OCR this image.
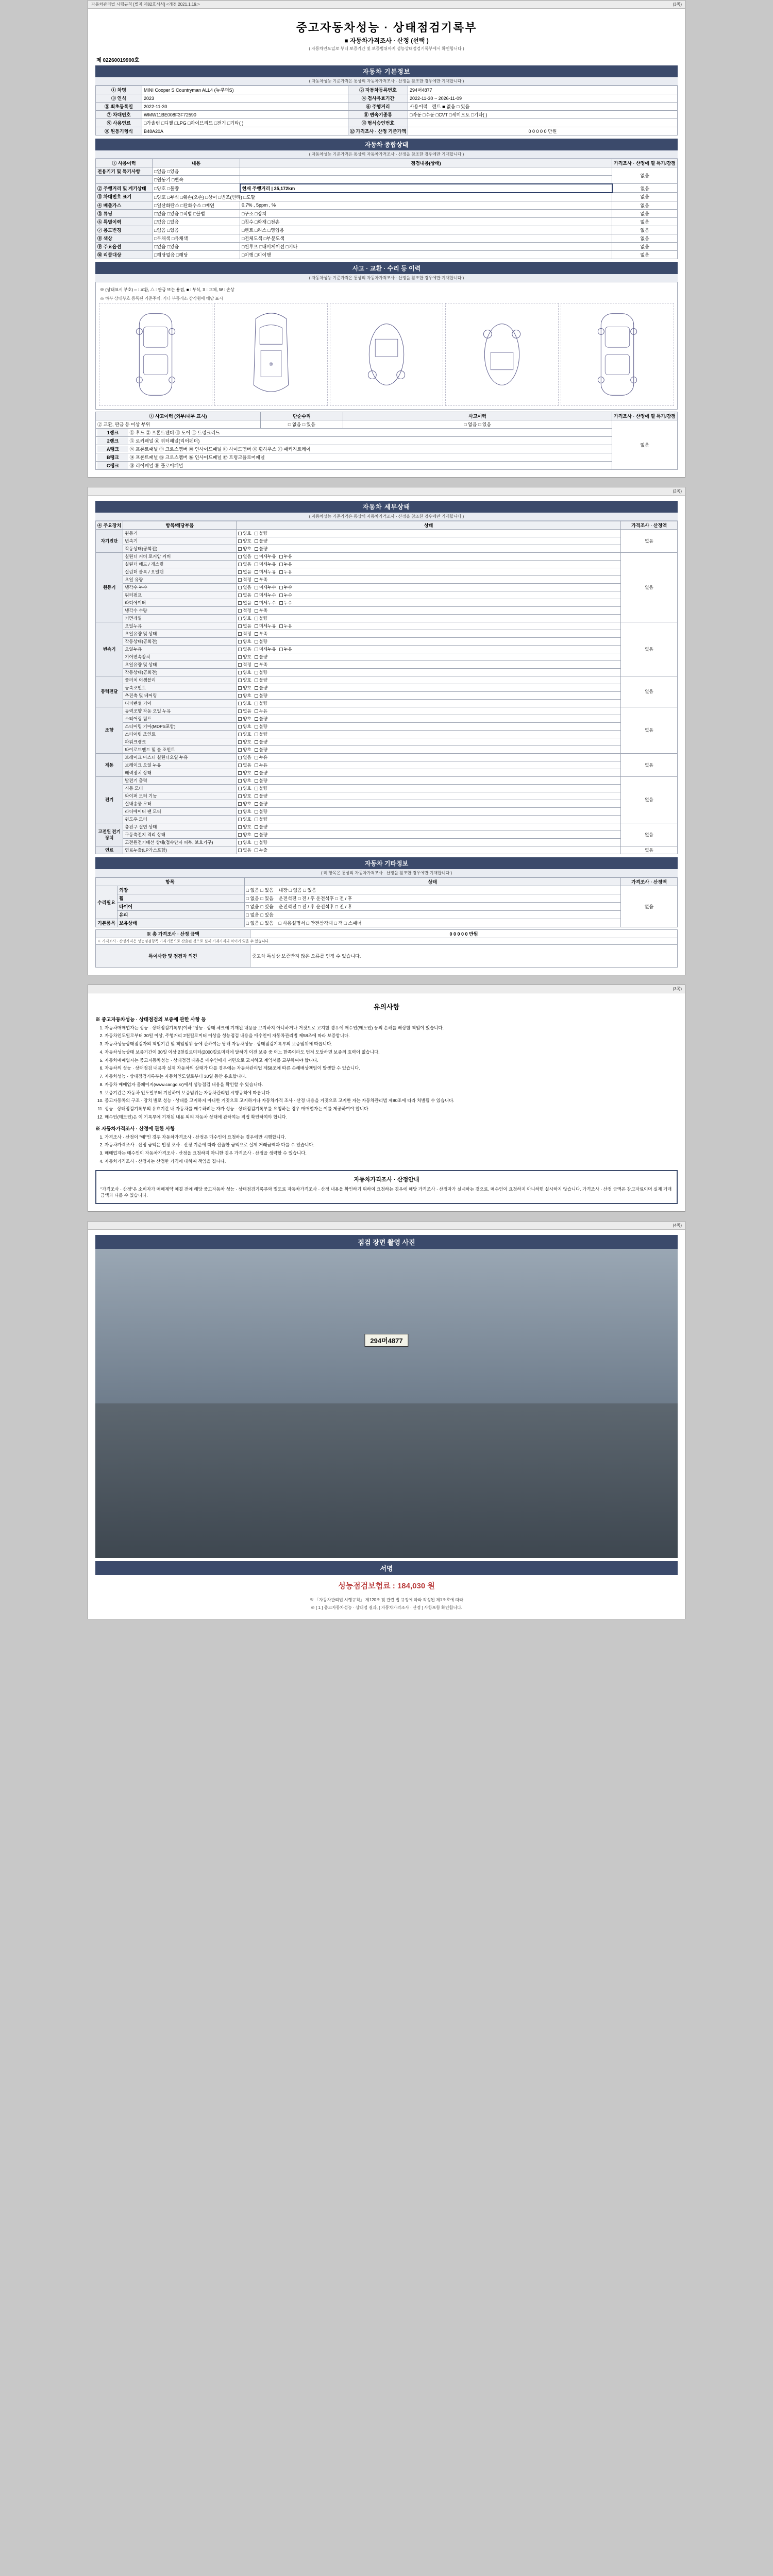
자동차관리법 시행규칙 [별지 제82호서식] <개정 2021.1.19.>	(3쪽)
중고자동차성능 · 상태점검기록부
■ 자동차가격조사 · 산정 (선택 )
( 자동차인도일로 부터 보증기간 및 보증범위까지 성능상태점검기록부에서 확인합니다 )
제 02260019900호
자동차 기본정보
( 자동차성능 기준가격은 통상의 자동차가격조사 · 산정을 참조한 경우에만 기재합니다 )
① 차명	MINI Cooper S Countryman ALL4 (뉴쿠퍼S)	② 자동차등록번호	294머4877
③ 연식	2023	④ 검사유효기간	2022-11-30 ~ 2026-11-09
⑤ 최초등록일	2022-11-30	⑥ 주행거리	사용이력 렌트 ■ 없음 □ 있음
⑦ 차대번호	WMW11BE008F3F72590	⑧ 변속기종류	□자동 □수동 □CVT □세미오토 □기타( )
⑨ 사용연료	□가솔린 □디젤 □LPG □하이브리드 □전기 □기타( )	⑩ 형식승인번호	
⑪ 원동기형식	B48A20A	⑫ 가격조사 · 산정 기준가액	0 0 0 0 0 만원
자동차 종합상태
( 자동차성능 기준가격은 통상의 자동차가격조사 · 산정을 참조한 경우에만 기재합니다 )
① 사용이력	내용	점검내용(상태)	가격조사 · 산정에 필 특가/감점
전용기기 및 특기사항	□없음 □있음		없음
	□원동기 □변속		
② 주행거리 및 계기상태	□양호 □불량	현재 주행거리 | 35,172km	없음
③ 차대번호 표기	□양호 □부식 □훼손(오손) □상이 □변조(변타) □도말		없음
④ 배출가스	□일산화탄소 □탄화수소 □매연	0.7% , 5ppm , %	없음
⑤ 튜닝	□없음 □있음 □적법 □불법	□구조 □장치	없음
⑥ 특별이력	□없음 □있음	□침수 □화재 □전손	없음
⑦ 용도변경	□없음 □있음	□렌트 □리스 □영업용	없음
⑧ 색상	□무채색 □유채색	□전체도색 □부분도색	없음
⑨ 주요옵션	□없음 □있음	□썬루프 □내비게이션 □기타	없음
⑩ 리콜대상	□해당없음 □해당	□이행 □미이행	없음
사고 · 교환 · 수리 등 이력
( 자동차성능 기준가격은 통상의 자동차가격조사 · 산정을 참조한 경우에만 기재합니다 )
※ (상태표시 부호) ○ : 교환, △ : 판금 또는 용접, ■ : 부식, X : 교체, W : 손상
※ 하부 상태부호 등록된 기준주의, 기타 부품개소 삼각형에 해당 표시
⑩
① 사고이력 (외부/내부 표시)	단순수리	사고이력	가격조사 · 산정에 필 특가/감점
② 교환, 판금 등 이상 부위	□ 없음 □ 있음	□ 없음 □ 있음	없음
1랭크 ① 후드 ② 프론트펜더 ③ 도어 ④ 트렁크리드			
2랭크 ⑤ 로커패널 ⑥ 쿼터패널(리어펜더)			
A랭크 ⑧ 프론트패널 ⑨ 크로스멤버 ⑩ 인사이드패널 ⑪ 사이드멤버 ⑫ 휠하우스 ⑬ 패키지트레이			
B랭크 ⑭ 프론트패널 ⑮ 크로스멤버 ⑯ 인사이드패널 ⑰ 트렁크플로어패널			
C랭크 ⑱ 리어패널 ⑲ 플로어패널			
(2쪽)
자동차 세부상태
( 자동차성능 기준가격은 통상의 자동차가격조사 · 산정을 참조한 경우에만 기재합니다 )
④ 주요장치	항목/해당부품	상태	가격조사 · 산정액
자기진단	원동기	양호 불량	없음
	변속기	양호 불량	
	작동상태(공회전)	양호 불량	
원동기	실린더 커버 로커암 커버	없음 미세누유 누유	없음
	실린더 헤드 / 개스킷	없음 미세누유 누유	
	실린더 블록 / 오일팬	없음 미세누유 누유	
	오일 유량	적정 부족	
	냉각수 누수	없음 미세누수 누수	
	워터펌프	없음 미세누수 누수	
	라디에이터	없음 미세누수 누수	
	냉각수 수량	적정 부족	
	커먼레일	양호 불량	
변속기	오일누유	없음 미세누유 누유	없음
	오일유량 및 상태	적정 부족	
	작동상태(공회전)	양호 불량	
	오일누유	없음 미세누유 누유	
	기어변속장치	양호 불량	
	오일유량 및 상태	적정 부족	
	작동상태(공회전)	양호 불량	
동력전달	클러치 어셈블리	양호 불량	없음
	등속조인트	양호 불량	
	추진축 및 베어링	양호 불량	
	디퍼렌셜 기어	양호 불량	
조향	동력조향 작동 오일 누유	없음 누유	없음
	스티어링 펌프	양호 불량	
	스티어링 기어(MDPS포함)	양호 불량	
	스티어링 조인트	양호 불량	
	파워크랭크	양호 불량	
	타이로드엔드 및 볼 조인트	양호 불량	
제동	브레이크 마스터 실린더오일 누유	없음 누유	없음
	브레이크 오일 누유	없음 누유	
	배력장치 상태	양호 불량	
전기	발전기 출력	양호 불량	없음
	시동 모터	양호 불량	
	와이퍼 모터 기능	양호 불량	
	실내송풍 모터	양호 불량	
	라디에이터 팬 모터	양호 불량	
	윈도우 모터	양호 불량	
고전원 전기장치	충전구 절연 상태	양호 불량	없음
	구동축전지 격리 상태	양호 불량	
	고전원전기배선 상태(접속단자 피복, 보호기구)	양호 불량	
연료	연료누출(LP가스포함)	없음 누출	없음
자동차 기타정보
( 미 항목은 통상의 자동차가격조사 · 산정을 참조한 경우에만 기재합니다 )
항목		상태	가격조사 · 산정액
수리필요	외장	□ 없음 □ 있음    내장 □ 없음 □ 있음	없음
	휠	□ 없음 □ 있음    운전석전 □ 전 / 후 운전석후 □ 전 / 후	
	타이어	□ 없음 □ 있음    운전석전 □ 전 / 후 운전석후 □ 전 / 후	
	유리	□ 없음 □ 있음	
기본품목	보유상태	□ 없음 □ 있음    □ 사용설명서 □ 안전삼각대 □ 잭 □ 스패너	
※ 총 가격조사 · 산정 금액	0 0 0 0 0 만원
※ 가격조사 · 산정가격은 성능점검항목 가격기준으로 산출된 것으로 실제 거래가격과 차이가 있을 수 있습니다.	
특이사항 및 점검자 의견	중고차 특성상 보증받지 않은 오류를 인정 수 있습니다.
(3쪽)
유의사항
※ 중고자동차성능 · 상태점검의 보증에 관한 사항 등
1. 자동차매매업자는 성능 · 상태점검기록부(이하 "성능 · 상태 체크에 기재된 내용을 고지하지 아니하거나 거짓으로 고지할 경우에 매수인(매도인) 등의 손해를 배상할 책임이 있습니다.
2. 자동차인도일로부터 30일 이상, 주행거리 2천킬로미터 이상을 성능점검 내용을 매수인이 자동차관리법 제58조에 따라 보증합니다.
3. 자동차성능상태점검자의 책임기간 및 책임범위 등에 관하여는 당해 자동차성능 · 상태점검기록부의 보증범위에 따릅니다.
4. 자동차성능상태 보증기간이 30일 이상 2천킬로미터(2000킬로미터에 달하기 이전 보증 중 어느 한쪽이라도 먼저 도달하면 보증의 효력이 없습니다.
5. 자동차매매업자는 중고자동차성능 · 상태점검 내용을 매수인에게 서면으로 고지하고 계약서를 교부하여야 합니다.
6. 자동차의 성능 · 상태점검 내용과 실제 자동차의 상태가 다를 경우에는 자동차관리법 제58조에 따른 손해배상책임이 발생할 수 있습니다.
7. 자동차성능 · 상태점검기록부는 자동차인도일로부터 30일 동안 유효합니다.
8. 자동차 매매업자 홈페이지(www.car.go.kr)에서 성능점검 내용을 확인할 수 있습니다.
9. 보증기간은 자동차 인도일부터 기산하며 보증범위는 자동차관리법 시행규칙에 따릅니다.
10. 중고자동차의 구조 · 장치 별로 성능 · 상태를 고지하지 아니한 거짓으로 고지하거나 자동차가격 조사 · 산정 내용을 거짓으로 고지한 자는 자동차관리법 제80조에 따라 처벌될 수 있습니다.
11. 성능 · 상태점검기록부의 유효기간 내 자동차를 매수하려는 자가 성능 · 상태점검기록부를 요청하는 경우 매매업자는 이를 제공하여야 합니다.
12. 매수인(매도인)은 이 기록부에 기재된 내용 외의 자동차 상태에 관하여는 직접 확인하여야 합니다.
※ 자동차가격조사 · 산정에 관한 사항
1. 가격조사 · 산정이 "예"인 경우 자동차가격조사 · 산정은 매수인이 요청하는 경우에만 시행합니다.
2. 자동차가격조사 · 산정 금액은 법정 조사 · 산정 기준에 따라 산출한 금액으로 실제 거래금액과 다를 수 있습니다.
3. 매매업자는 매수인이 자동차가격조사 · 산정을 요청하지 아니한 경우 가격조사 · 산정을 생략할 수 있습니다.
4. 자동차가격조사 · 산정자는 산정한 가격에 대하여 책임을 집니다.
자동차가격조사 · 산정안내
"가격조사 · 산정"은 소비자가 매매계약 체결 전에 해당 중고자동차 성능 · 상태점검기록부와 별도로 자동차가격조사 · 산정 내용을 확인하기 위하여 요청하는 경우에 해당 가격조사 · 산정자가 실시하는 것으로, 매수인이 요청하지 아니하면 실시하지 않습니다. 가격조사 · 산정 금액은 참고자료이며 실제 거래금액과 다를 수 있습니다.
(4쪽)
점검 장면 촬영 사진
294머4877
서명
성능점검보험료 : 184,030 원
※ 「자동차관리법 시행규칙」 제120조 및 관련 법 규정에 따라 작성된 제1조호에 따라
※ [ 1 ] 중고자동차성능 · 상태점 결과, [ 자동차가격조사 · 산정 ] 사항포함 확인합니다.
